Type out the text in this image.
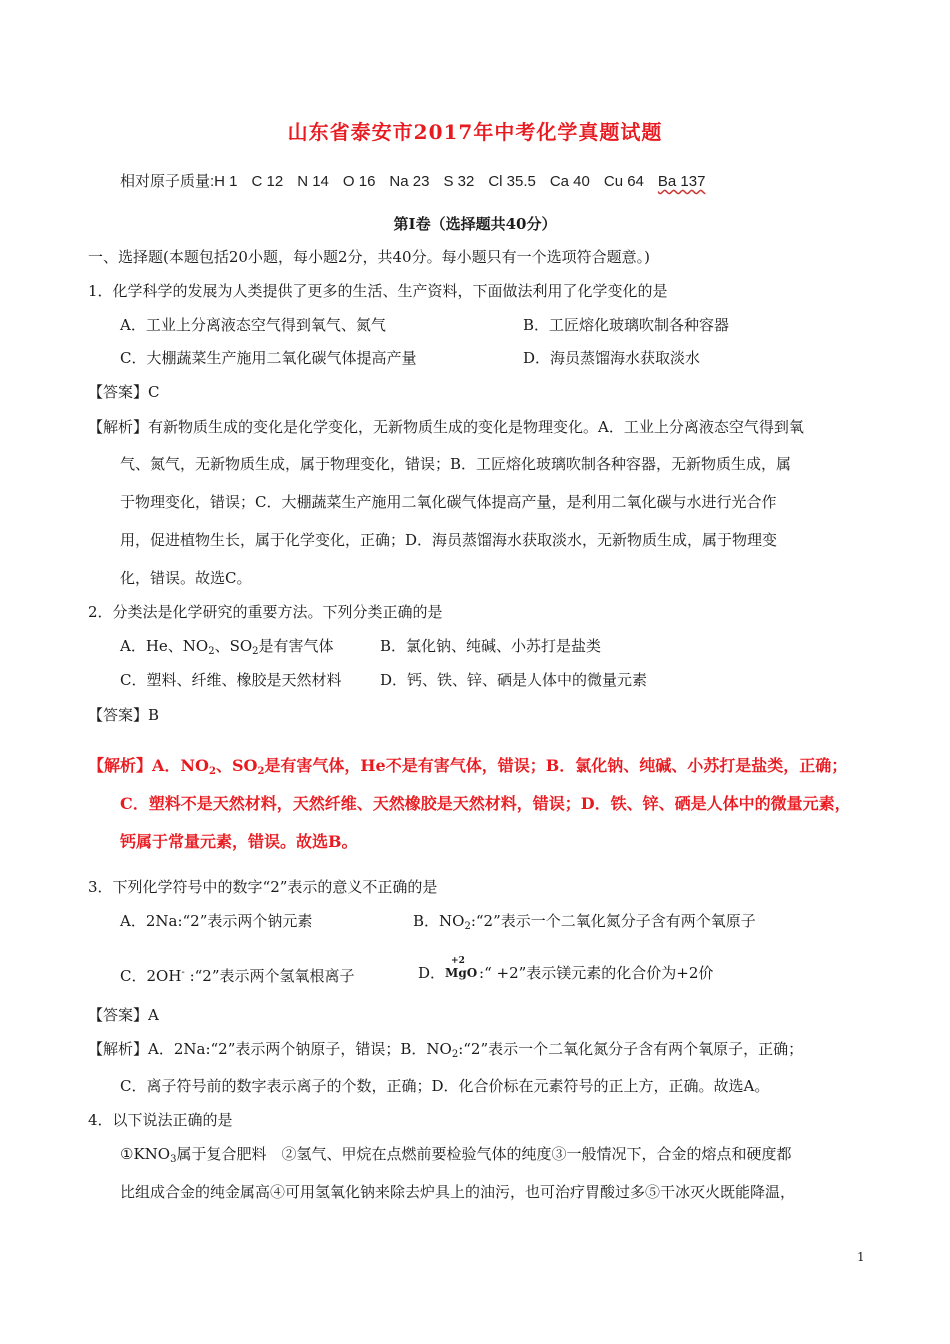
山东省泰安市2017年中考化学真题试题
相对原子质量:H 1 C 12 N 14 O 16 Na 23 S 32 Cl 35.5 Ca 40 Cu 64 Ba 137
第Ⅰ卷（选择题共40分）
一、选择题(本题包括20小题，每小题2分，共40分。每小题只有一个选项符合题意。)
1．化学科学的发展为人类提供了更多的生活、生产资料，下面做法利用了化学变化的是
A．工业上分离液态空气得到氧气、氮气	B．工匠熔化玻璃吹制各种容器
C．大棚蔬菜生产施用二氧化碳气体提高产量	D．海员蒸馏海水获取淡水
【答案】C
【解析】有新物质生成的变化是化学变化，无新物质生成的变化是物理变化。A．工业上分离液态空气得到氧
气、氮气，无新物质生成，属于物理变化，错误；B．工匠熔化玻璃吹制各种容器，无新物质生成，属
于物理变化，错误；C．大棚蔬菜生产施用二氧化碳气体提高产量，是利用二氧化碳与水进行光合作
用，促进植物生长，属于化学变化，正确；D．海员蒸馏海水获取淡水，无新物质生成，属于物理变
化，错误。故选C。
2．分类法是化学研究的重要方法。下列分类正确的是
A．He、$NO_2$、$SO_2$是有害气体	B．氯化钠、纯碱、小苏打是盐类
C．塑料、纤维、橡胶是天然材料	D．钙、铁、锌、硒是人体中的微量元素
【答案】B
【解析】A．$NO_2$、$SO_2$是有害气体，He不是有害气体，错误；B．氯化钠、纯碱、小苏打是盐类，正确；
C．塑料不是天然材料，天然纤维、天然橡胶是天然材料，错误；D．铁、锌、硒是人体中的微量元素，
钙属于常量元素，错误。故选B。
3．下列化学符号中的数字“2”表示的意义不正确的是
A．2Na:“2”表示两个钠元素	B．$NO_2:“2$”表示一个二氧化氮分子含有两个氧原子
C．2OH- :“2”表示两个氢氧根离子	D．
+2
MgO :“ +2”表示镁元素的化合价为+2价
【答案】A
【解析】A．2Na:“2”表示两个钠原子，错误；B．$NO_2:“2$”表示一个二氧化氮分子含有两个氧原子，正确；
C．离子符号前的数字表示离子的个数，正确；D．化合价标在元素符号的正上方，正确。故选A。
4．以下说法正确的是
$①KNO_3$属于复合肥料　②氢气、甲烷在点燃前要检验气体的纯度③一般情况下，合金的熔点和硬度都
比组成合金的纯金属高④可用氢氧化钠来除去炉具上的油污，也可治疗胃酸过多⑤干冰灭火既能降温，
1
